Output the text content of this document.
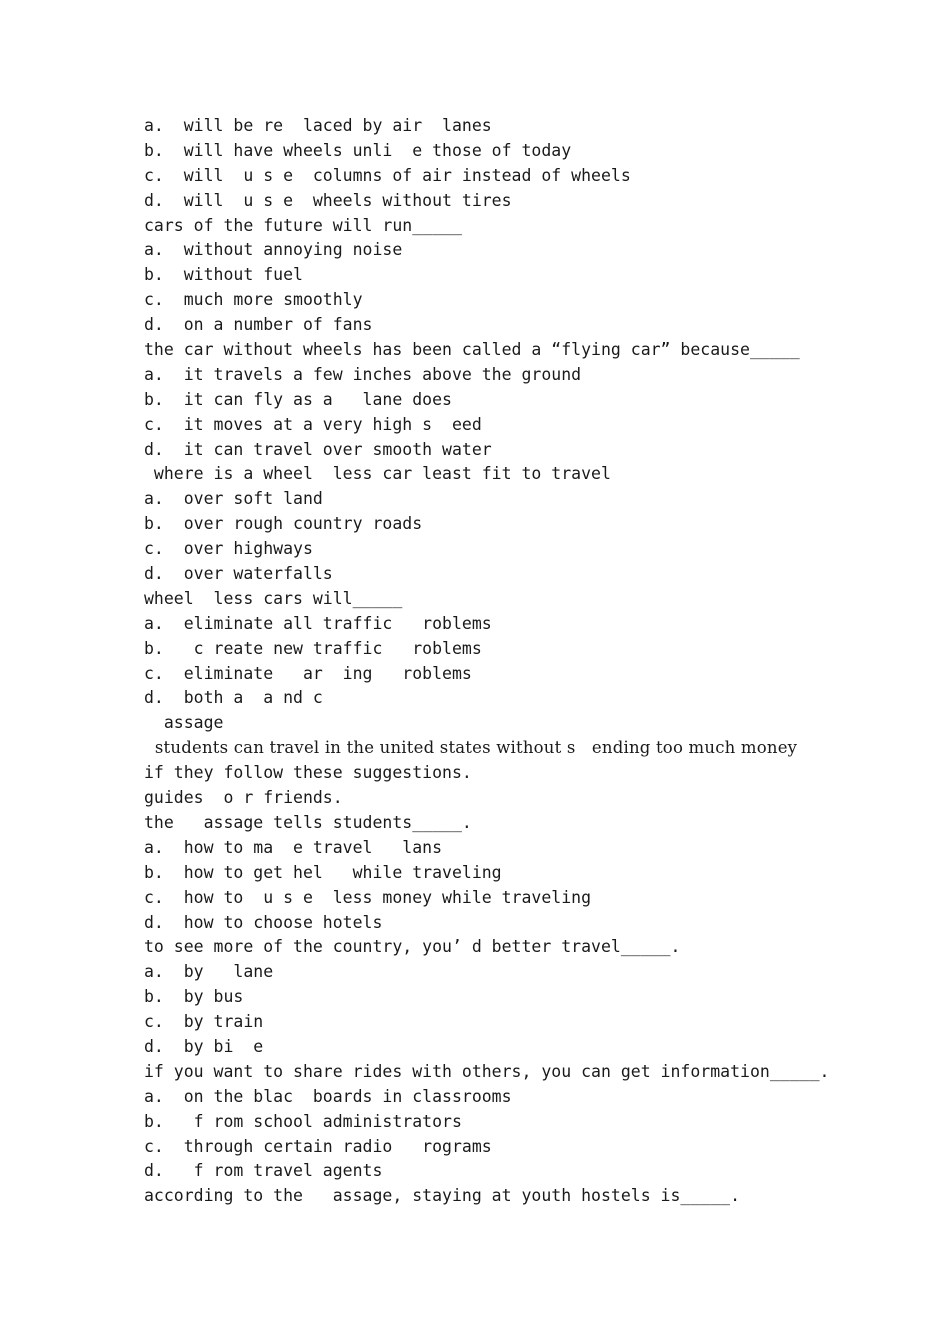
a.  will be re  laced by air  lanes
b.  will have wheels unli  e those of today
c.  will  u s e  columns of air instead of wheels
d.  will  u s e  wheels without tires
cars of the future will run_____
a.  without annoying noise
b.  without fuel
c.  much more smoothly
d.  on a number of fans
the car without wheels has been called a “flying car” because_____
a.  it travels a few inches above the ground
b.  it can fly as a   lane does
c.  it moves at a very high s  eed
d.  it can travel over smooth water
where is a wheel  less car least fit to travel
a.  over soft land
b.  over rough country roads
c.  over highways
d.  over waterfalls
wheel  less cars will_____
a.  eliminate all traffic   roblems
b.   c reate new traffic   roblems
c.  eliminate   ar  ing   roblems
d.  both a  a nd c
assage
students can travel in the united states without s   ending too much money
if they follow these suggestions.
guides  o r friends.
the   assage tells students_____.
a.  how to ma  e travel   lans
b.  how to get hel   while traveling
c.  how to  u s e  less money while traveling
d.  how to choose hotels
to see more of the country, you’ d better travel_____.
a.  by   lane
b.  by bus
c.  by train
d.  by bi  e
if you want to share rides with others, you can get information_____.
a.  on the blac  boards in classrooms
b.   f rom school administrators
c.  through certain radio   rograms
d.   f rom travel agents
according to the   assage, staying at youth hostels is_____.
